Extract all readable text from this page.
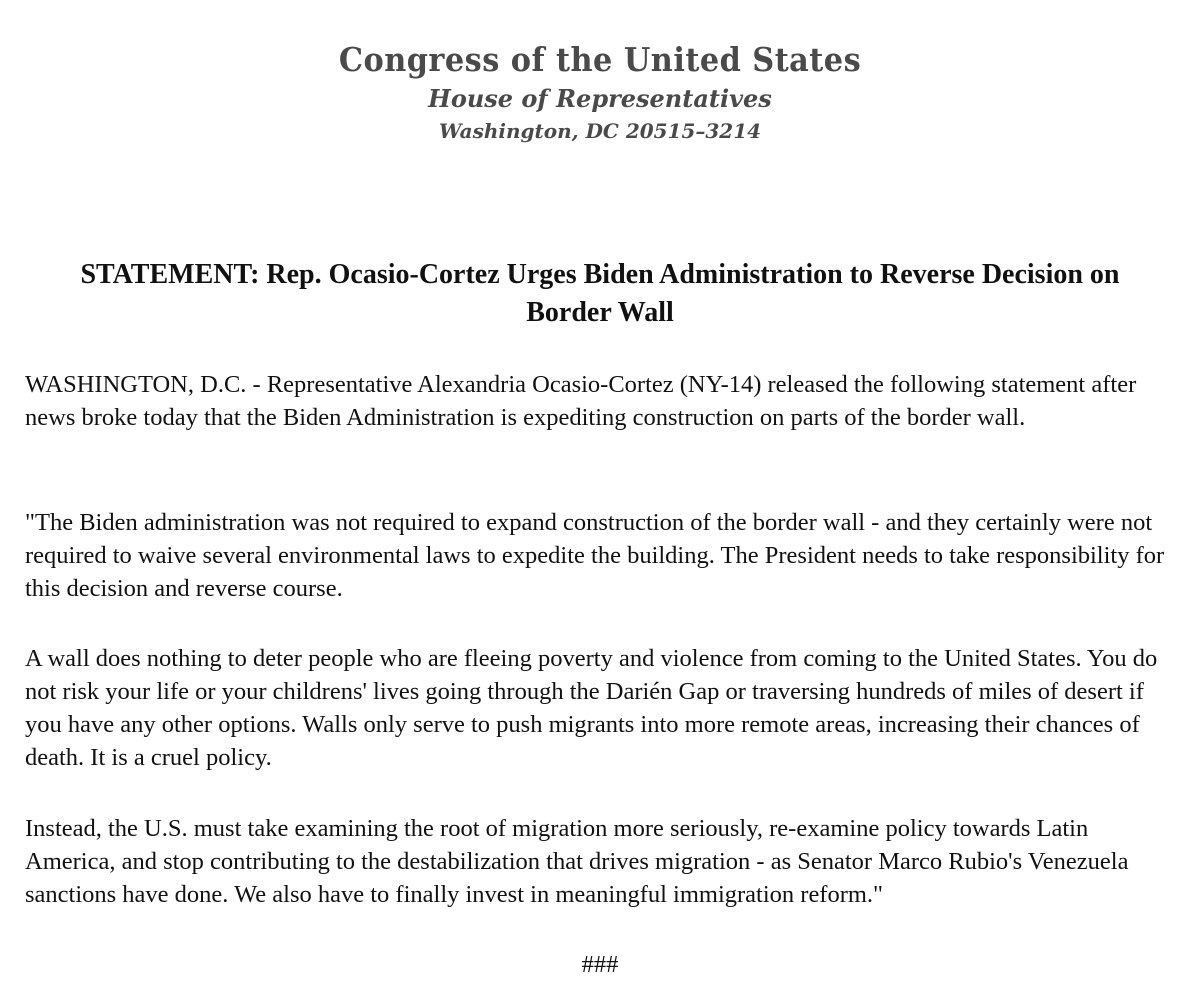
Congress of the United States
House of Representatives
Washington, DC 20515–3214
STATEMENT: Rep. Ocasio-Cortez Urges Biden Administration to Reverse Decision on Border Wall

WASHINGTON, D.C. - Representative Alexandria Ocasio-Cortez (NY-14) released the following statement after news broke today that the Biden Administration is expediting construction on parts of the border wall.

"The Biden administration was not required to expand construction of the border wall - and they certainly were not required to waive several environmental laws to expedite the building. The President needs to take responsibility for this decision and reverse course.

A wall does nothing to deter people who are fleeing poverty and violence from coming to the United States. You do not risk your life or your childrens' lives going through the Darién Gap or traversing hundreds of miles of desert if you have any other options. Walls only serve to push migrants into more remote areas, increasing their chances of death. It is a cruel policy.

Instead, the U.S. must take examining the root of migration more seriously, re-examine policy towards Latin America, and stop contributing to the destabilization that drives migration - as Senator Marco Rubio's Venezuela sanctions have done. We also have to finally invest in meaningful immigration reform."

###
